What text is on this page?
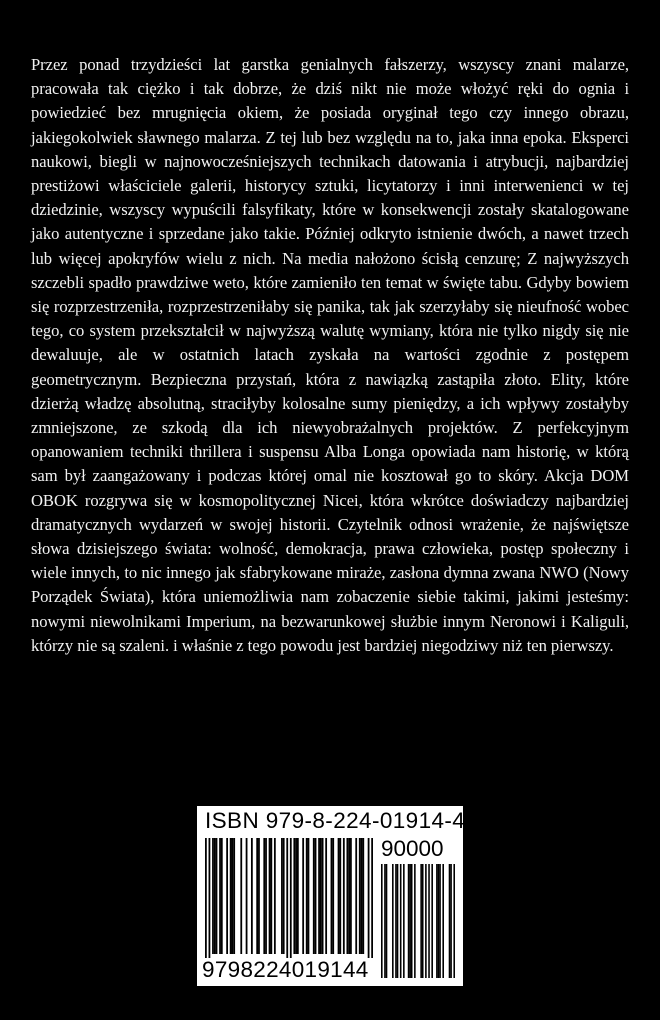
Przez ponad trzydzieści lat garstka genialnych fałszerzy, wszyscy znani malarze, pracowała tak ciężko i tak dobrze, że dziś nikt nie może włożyć ręki do ognia i powiedzieć bez mrugnięcia okiem, że posiada oryginał tego czy innego obrazu, jakiegokolwiek sławnego malarza. Z tej lub bez względu na to, jaka inna epoka. Eksperci naukowi, biegli w najnowocześniejszych technikach datowania i atrybucji, najbardziej prestiżowi właściciele galerii, historycy sztuki, licytatorzy i inni interwenienci w tej dziedzinie, wszyscy wypuścili falsyfikaty, które w konsekwencji zostały skatalogowane jako autentyczne i sprzedane jako takie. Później odkryto istnienie dwóch, a nawet trzech lub więcej apokryfów wielu z nich. Na media nałożono ścisłą cenzurę; Z najwyższych szczebli spadło prawdziwe weto, które zamieniło ten temat w święte tabu. Gdyby bowiem się rozprzestrzeniła, rozprzestrzeniłaby się panika, tak jak szerzyłaby się nieufność wobec tego, co system przekształcił w najwyższą walutę wymiany, która nie tylko nigdy się nie dewaluuje, ale w ostatnich latach zyskała na wartości zgodnie z postępem geometrycznym. Bezpieczna przystań, która z nawiązką zastąpiła złoto. Elity, które dzierżą władzę absolutną, straciłyby kolosalne sumy pieniędzy, a ich wpływy zostałyby zmniejszone, ze szkodą dla ich niewyobrażalnych projektów. Z perfekcyjnym opanowaniem techniki thrillera i suspensu Alba Longa opowiada nam historię, w którą sam był zaangażowany i podczas której omal nie kosztował go to skóry. Akcja DOM OBOK rozgrywa się w kosmopolitycznej Nicei, która wkrótce doświadczy najbardziej dramatycznych wydarzeń w swojej historii. Czytelnik odnosi wrażenie, że najświętsze słowa dzisiejszego świata: wolność, demokracja, prawa człowieka, postęp społeczny i wiele innych, to nic innego jak sfabrykowane miraże, zasłona dymna zwana NWO (Nowy Porządek Świata), która uniemożliwia nam zobaczenie siebie takimi, jakimi jesteśmy: nowymi niewolnikami Imperium, na bezwarunkowej służbie innym Neronowi i Kaliguli, którzy nie są szaleni. i właśnie z tego powodu jest bardziej niegodziwy niż ten pierwszy.

ISBN 979-8-224-01914-4
90000
9798224019144
